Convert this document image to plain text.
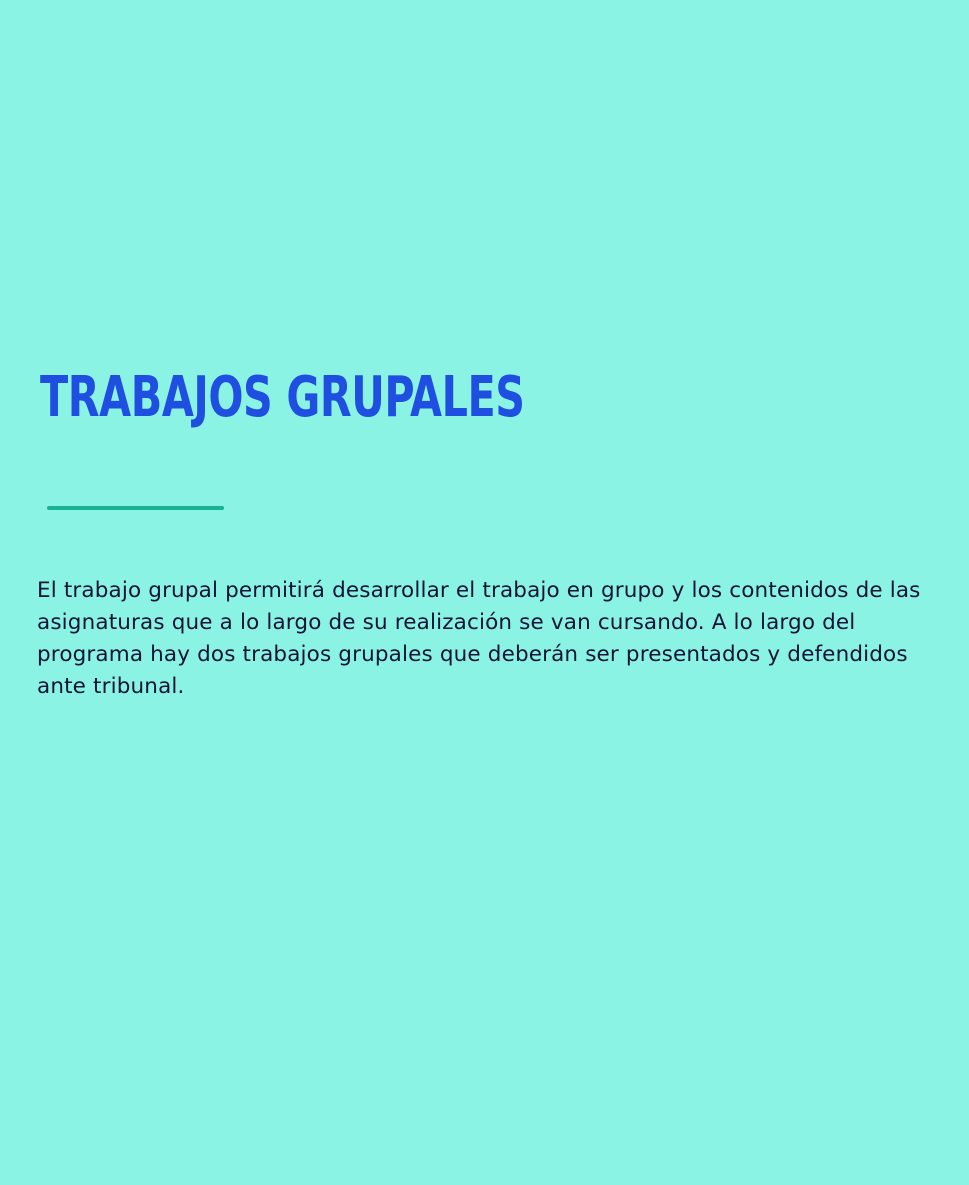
TRABAJOS GRUPALES

El trabajo grupal permitirá desarrollar el trabajo en grupo y los contenidos de las asignaturas que a lo largo de su realización se van cursando. A lo largo del programa hay dos trabajos grupales que deberán ser presentados y defendidos ante tribunal.
